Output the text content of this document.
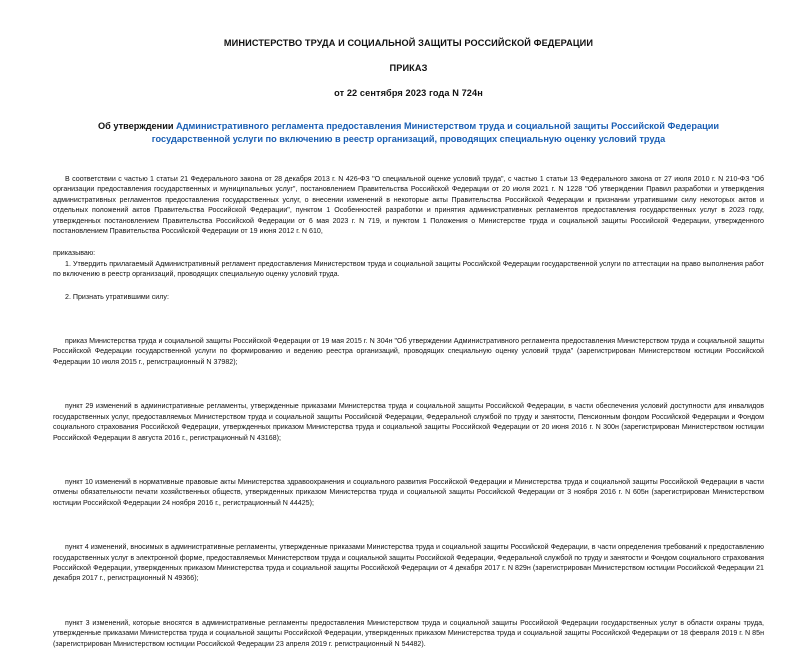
МИНИСТЕРСТВО ТРУДА И СОЦИАЛЬНОЙ ЗАЩИТЫ РОССИЙСКОЙ ФЕДЕРАЦИИ
ПРИКАЗ
от 22 сентября 2023 года N 724н
Об утверждении Административного регламента предоставления Министерством труда и социальной защиты Российской Федерации государственной услуги по включению в реестр организаций, проводящих специальную оценку условий труда

В соответствии с частью 1 статьи 21 Федерального закона от 28 декабря 2013 г. N 426-ФЗ "О специальной оценке условий труда", с частью 1 статьи 13 Федерального закона от 27 июля 2010 г. N 210-ФЗ "Об организации предоставления государственных и муниципальных услуг", постановлением Правительства Российской Федерации от 20 июля 2021 г. N 1228 "Об утверждении Правил разработки и утверждения административных регламентов предоставления государственных услуг, о внесении изменений в некоторые акты Правительства Российской Федерации и признании утратившими силу некоторых актов и отдельных положений актов Правительства Российской Федерации", пунктом 1 Особенностей разработки и принятия административных регламентов предоставления государственных услуг в 2023 году, утвержденных постановлением Правительства Российской Федерации от 6 мая 2023 г. N 719, и пунктом 1 Положения о Министерстве труда и социальной защиты Российской Федерации, утвержденного постановлением Правительства Российской Федерации от 19 июня 2012 г. N 610,

приказываю:

1. Утвердить прилагаемый Административный регламент предоставления Министерством труда и социальной защиты Российской Федерации государственной услуги по аттестации на право выполнения работ по включению в реестр организаций, проводящих специальную оценку условий труда.

2. Признать утратившими силу:

приказ Министерства труда и социальной защиты Российской Федерации от 19 мая 2015 г. N 304н "Об утверждении Административного регламента предоставления Министерством труда и социальной защиты Российской Федерации государственной услуги по формированию и ведению реестра организаций, проводящих специальную оценку условий труда" (зарегистрирован Министерством юстиции Российской Федерации 10 июля 2015 г., регистрационный N 37982);

пункт 29 изменений в административные регламенты, утвержденные приказами Министерства труда и социальной защиты Российской Федерации, в части обеспечения условий доступности для инвалидов государственных услуг, предоставляемых Министерством труда и социальной защиты Российской Федерации, Федеральной службой по труду и занятости, Пенсионным фондом Российской Федерации и Фондом социального страхования Российской Федерации, утвержденных приказом Министерства труда и социальной защиты Российской Федерации от 20 июня 2016 г. N 300н (зарегистрирован Министерством юстиции Российской Федерации 8 августа 2016 г., регистрационный N 43168);

пункт 10 изменений в нормативные правовые акты Министерства здравоохранения и социального развития Российской Федерации и Министерства труда и социальной защиты Российской Федерации в части отмены обязательности печати хозяйственных обществ, утвержденных приказом Министерства труда и социальной защиты Российской Федерации от 3 ноября 2016 г. N 605н (зарегистрирован Министерством юстиции Российской Федерации 24 ноября 2016 г., регистрационный N 44425);

пункт 4 изменений, вносимых в административные регламенты, утвержденные приказами Министерства труда и социальной защиты Российской Федерации, в части определения требований к предоставлению государственных услуг в электронной форме, предоставляемых Министерством труда и социальной защиты Российской Федерации, Федеральной службой по труду и занятости и Фондом социального страхования Российской Федерации, утвержденных приказом Министерства труда и социальной защиты Российской Федерации от 4 декабря 2017 г. N 829н (зарегистрирован Министерством юстиции Российской Федерации 21 декабря 2017 г., регистрационный N 49366);

пункт 3 изменений, которые вносятся в административные регламенты предоставления Министерством труда и социальной защиты Российской Федерации государственных услуг в области охраны труда, утвержденные приказами Министерства труда и социальной защиты Российской Федерации, утвержденных приказом Министерства труда и социальной защиты Российской Федерации от 18 февраля 2019 г. N 85н (зарегистрирован Министерством юстиции Российской Федерации 23 апреля 2019 г. регистрационный N 54482).
